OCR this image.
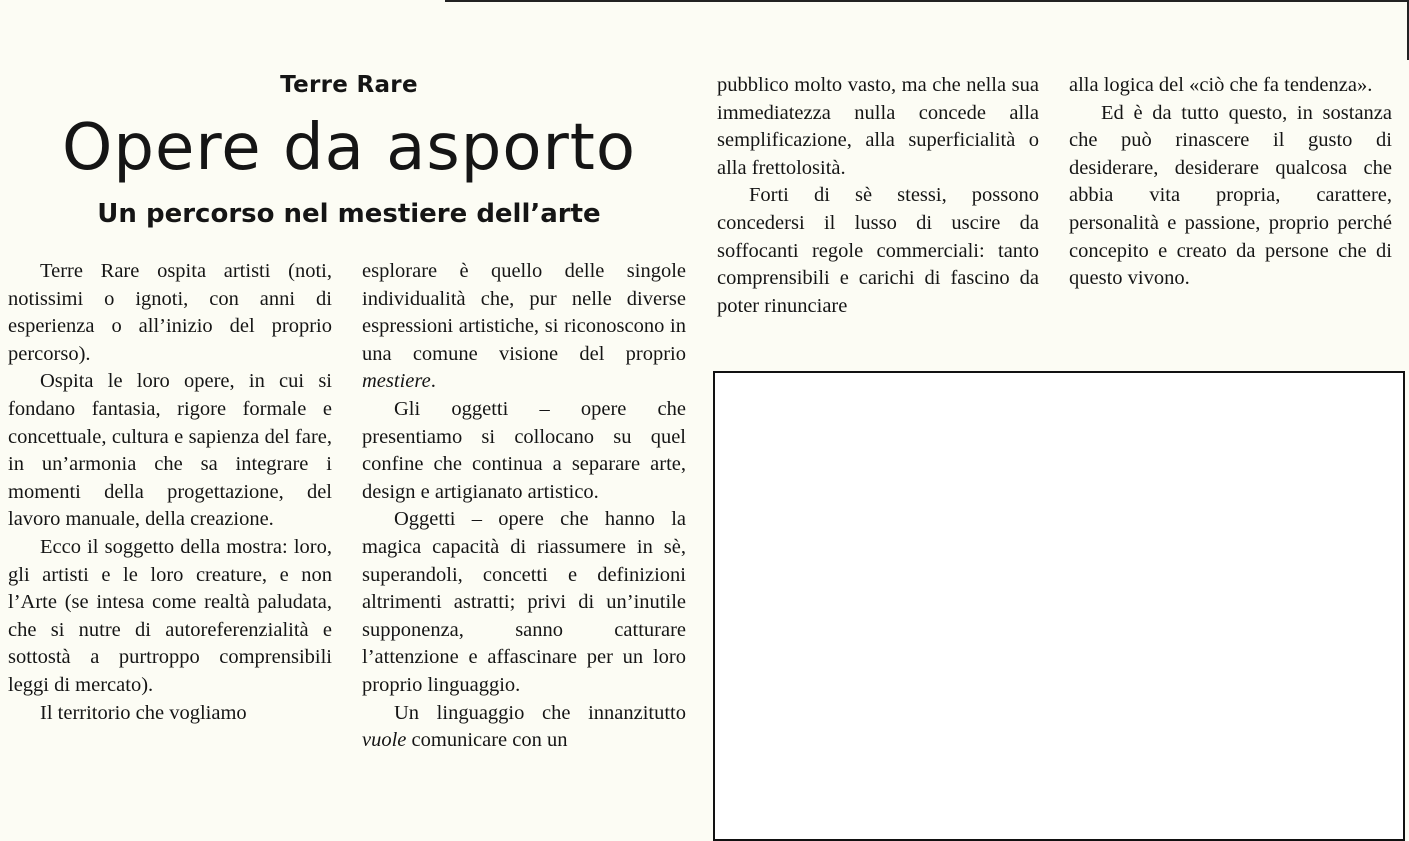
Terre Rare
Opere da asporto
Un percorso nel mestiere dell’arte

Terre Rare ospita artisti (noti, notissimi o ignoti, con anni di esperienza o all’inizio del proprio percorso).

Ospita le loro opere, in cui si fondano fantasia, rigore formale e concettuale, cultura e sapienza del fare, in un’armonia che sa integrare i momenti della progettazione, del lavoro manuale, della creazione.

Ecco il soggetto della mostra: loro, gli artisti e le loro creature, e non l’Arte (se intesa come realtà paludata, che si nutre di autoreferenzialità e sottostà a purtroppo comprensibili leggi di mercato).

Il territorio che vogliamo

esplorare è quello delle singole individualità che, pur nelle diverse espressioni artistiche, si riconoscono in una comune visione del proprio mestiere.

Gli oggetti – opere che presentiamo si collocano su quel confine che continua a separare arte, design e artigianato artistico.

Oggetti – opere che hanno la magica capacità di riassumere in sè, superandoli, concetti e definizioni altrimenti astratti; privi di un’inutile supponenza, sanno catturare l’attenzione e affascinare per un loro proprio linguaggio.

Un linguaggio che innanzitutto vuole comunicare con un

pubblico molto vasto, ma che nella sua immediatezza nulla concede alla semplificazione, alla superficialità o alla frettolosità.

Forti di sè stessi, possono concedersi il lusso di uscire da soffocanti regole commerciali: tanto comprensibili e carichi di fascino da poter rinunciare

alla logica del «ciò che fa tendenza».

Ed è da tutto questo, in sostanza che può rinascere il gusto di desiderare, desiderare qualcosa che abbia vita propria, carattere, personalità e passione, proprio perché concepito e creato da persone che di questo vivono.
